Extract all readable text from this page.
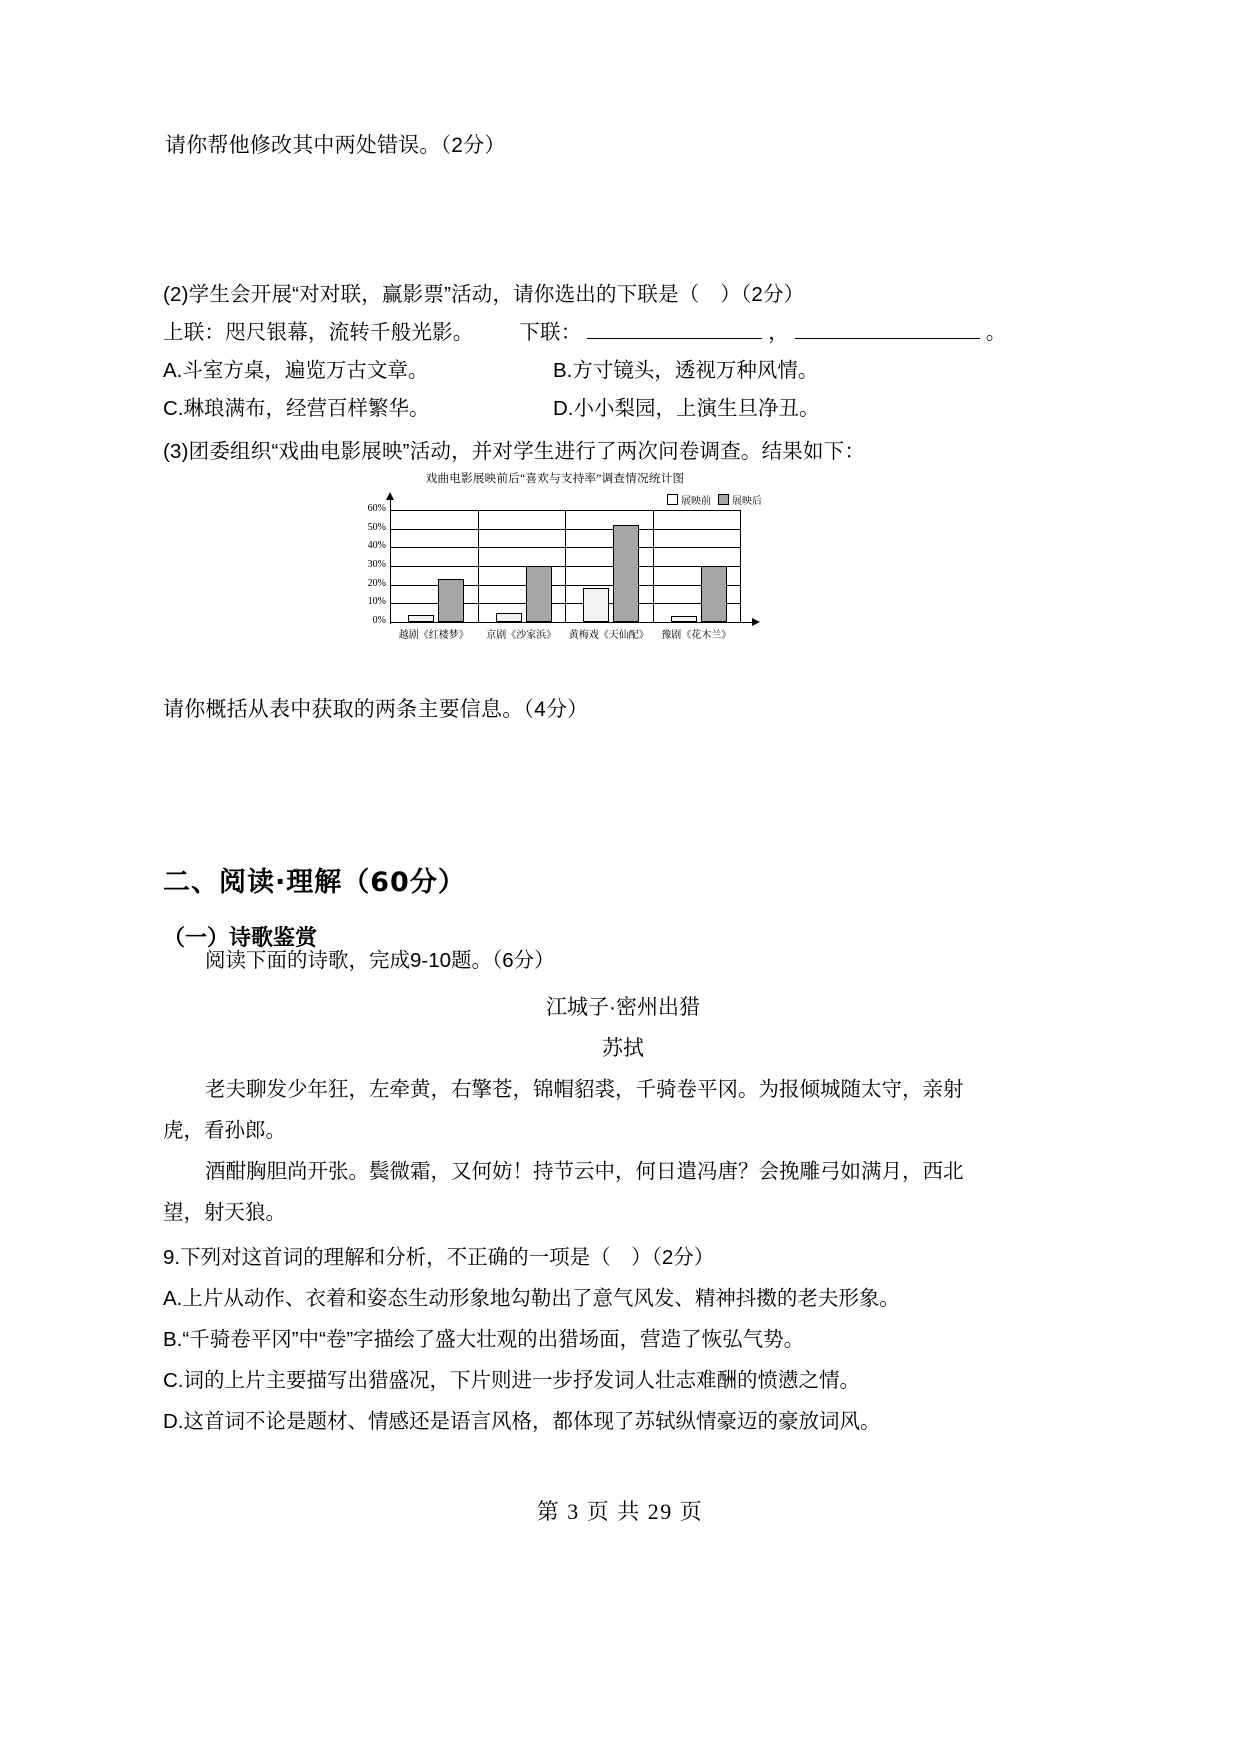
请你帮他修改其中两处错误。（2分）
(2)学生会开展“对对联，赢影票”活动，请你选出的下联是（　）（2分）
上联：咫尺银幕，流转千般光影。 下联：	，	。
A.斗室方桌，遍览万古文章。	B.方寸镜头，透视万种风情。
C.琳琅满布，经营百样繁华。	D.小小梨园，上演生旦净丑。
(3)团委组织“戏曲电影展映”活动，并对学生进行了两次问卷调查。结果如下：
戏曲电影展映前后“喜欢与支持率”调查情况统计图
展映前 展映后
60%
50%
40%
30%
20%
10%
0%
越剧《红楼梦》	京剧《沙家浜》	黄梅戏《天仙配》	豫剧《花木兰》
请你概括从表中获取的两条主要信息。（4分）
二、阅读·理解（60分）
（一）诗歌鉴赏
阅读下面的诗歌，完成9-10题。（6分）
江城子·密州出猎
苏拭
老夫聊发少年狂，左牵黄，右擎苍，锦帽貂裘，千骑卷平冈。为报倾城随太守，亲射
虎，看孙郎。
酒酣胸胆尚开张。鬓微霜，又何妨！持节云中，何日遣冯唐？会挽雕弓如满月，西北
望，射天狼。
9.下列对这首词的理解和分析，不正确的一项是（　）（2分）
A.上片从动作、衣着和姿态生动形象地勾勒出了意气风发、精神抖擞的老夫形象。
B.“千骑卷平冈”中“卷”字描绘了盛大壮观的出猎场面，营造了恢弘气势。
C.词的上片主要描写出猎盛况，下片则进一步抒发词人壮志难酬的愤懑之情。
D.这首词不论是题材、情感还是语言风格，都体现了苏轼纵情豪迈的豪放词风。
第 3 页 共 29 页
